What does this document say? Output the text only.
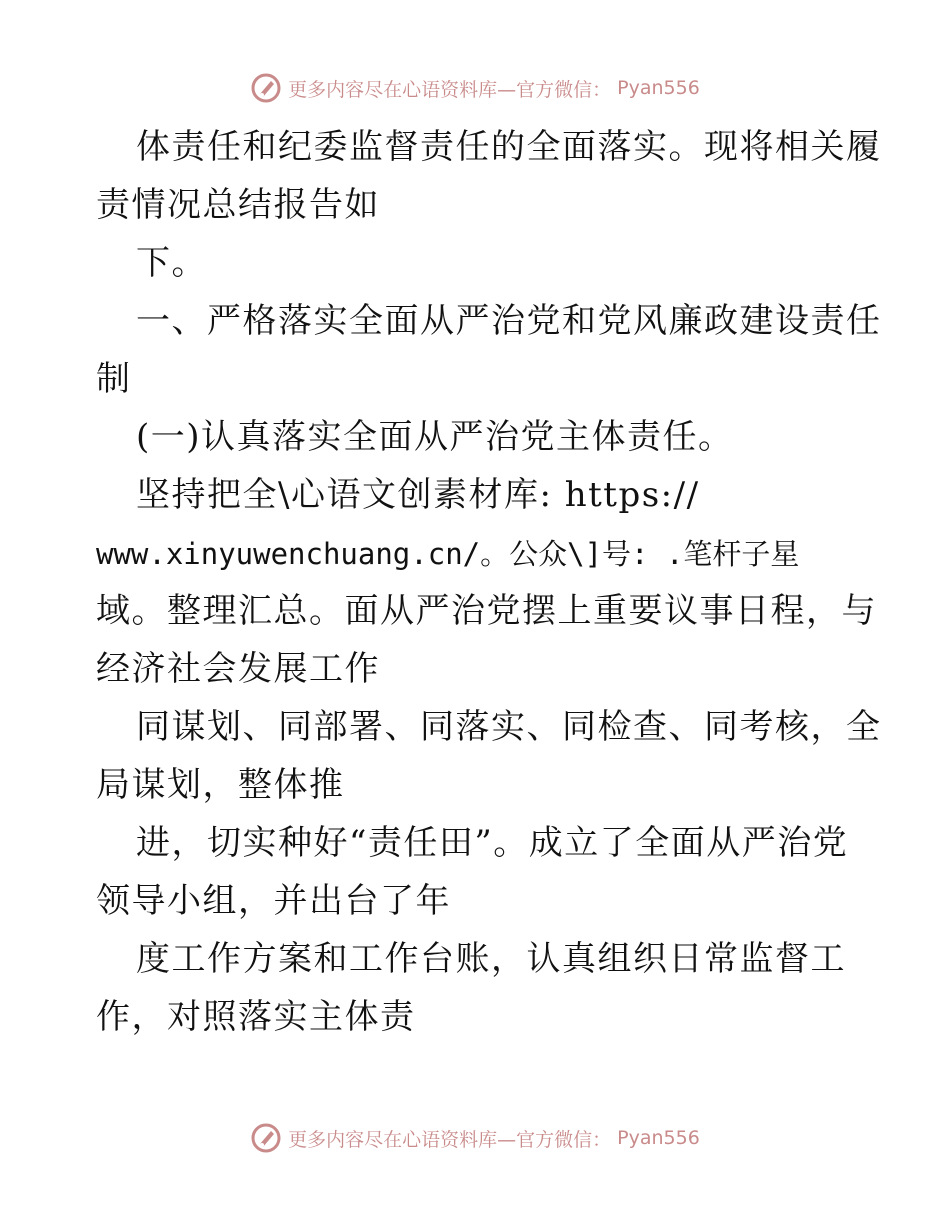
更多内容尽在心语资料库—官方微信： Pyan556
体责任和纪委监督责任的全面落实。现将相关履
责情况总结报告如
下。
一、严格落实全面从严治党和党风廉政建设责任
制
(一)认真落实全面从严治党主体责任。
坚持把全\心语文创素材库: https://
www.xinyuwenchuang.cn/。公众\]号: .笔杆子星
域。整理汇总。面从严治党摆上重要议事日程，与
经济社会发展工作
同谋划、同部署、同落实、同检查、同考核，全
局谋划，整体推
进，切实种好“责任田”。成立了全面从严治党
领导小组，并出台了年
度工作方案和工作台账，认真组织日常监督工
作，对照落实主体责
更多内容尽在心语资料库—官方微信： Pyan556
